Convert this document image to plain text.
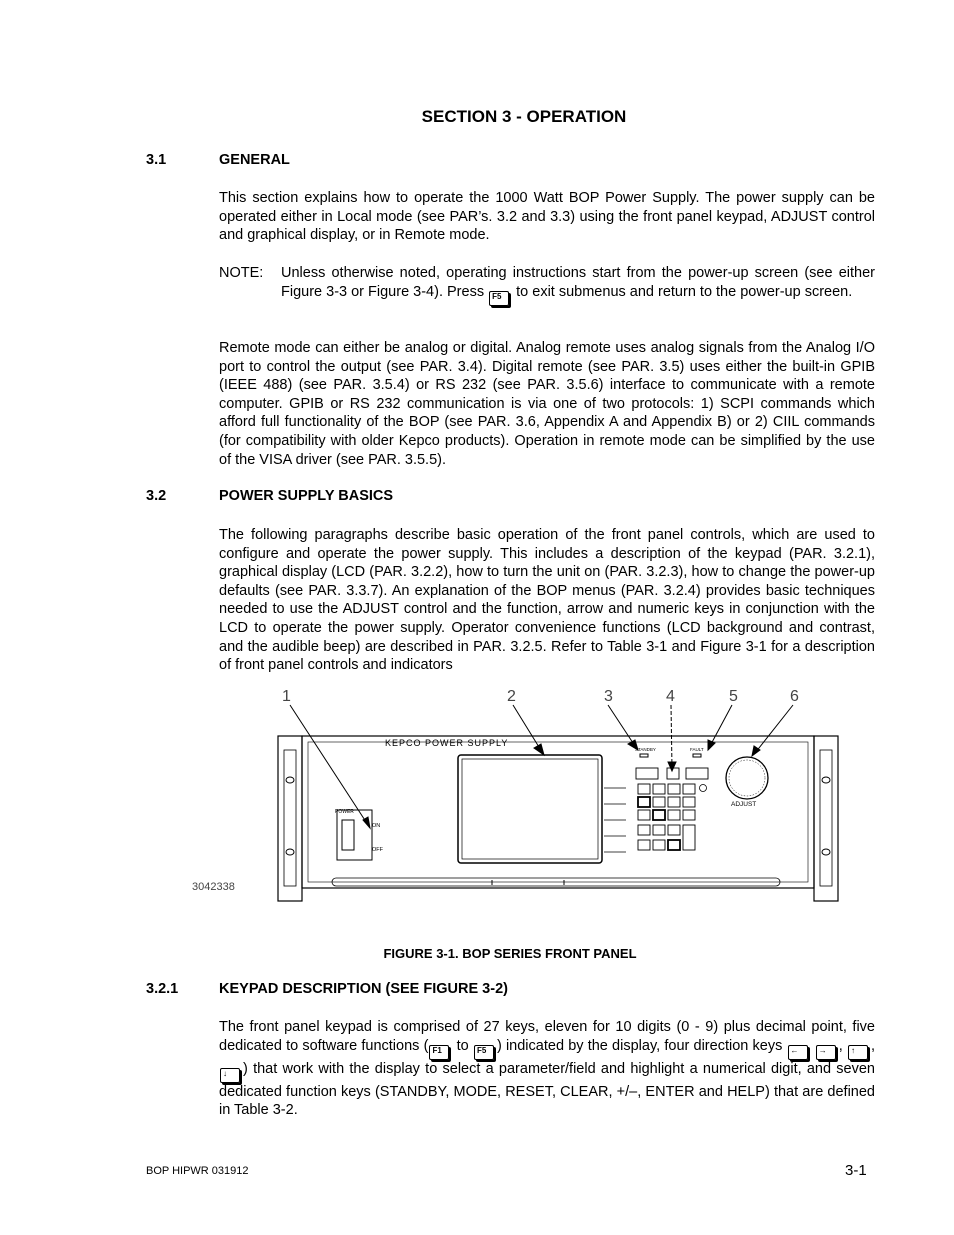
SECTION 3 - OPERATION
3.1	GENERAL
This section explains how to operate the 1000 Watt BOP Power Supply. The power supply can be operated either in Local mode (see PAR’s. 3.2 and 3.3) using the front panel keypad, ADJUST control and graphical display, or in Remote mode.
NOTE: Unless otherwise noted, operating instructions start from the power-up screen (see either Figure 3-3 or Figure 3-4). Press F5 to exit submenus and return to the power-up screen.
Remote mode can either be analog or digital. Analog remote uses analog signals from the Analog I/O port to control the output (see PAR. 3.4). Digital remote (see PAR. 3.5) uses either the built-in GPIB (IEEE 488) (see PAR. 3.5.4) or RS 232 (see PAR. 3.5.6) interface to communicate with a remote computer. GPIB or RS 232 communication is via one of two protocols: 1) SCPI commands which afford full functionality of the BOP (see PAR. 3.6, Appendix A and Appendix B) or 2) CIIL commands (for compatibility with older Kepco products). Operation in remote mode can be simplified by the use of the VISA driver (see PAR. 3.5.5).
3.2	POWER SUPPLY BASICS
The following paragraphs describe basic operation of the front panel controls, which are used to configure and operate the power supply. This includes a description of the keypad (PAR. 3.2.1), graphical display (LCD (PAR. 3.2.2), how to turn the unit on (PAR. 3.2.3), how to change the power-up defaults (see PAR. 3.3.7). An explanation of the BOP menus (PAR. 3.2.4) provides basic techniques needed to use the ADJUST control and the function, arrow and numeric keys in conjunction with the LCD to operate the power supply. Operator convenience functions (LCD background and contrast, and the audible beep) are described in PAR. 3.2.5. Refer to Table 3-1 and Figure 3-1 for a description of front panel controls and indicators
1	2	3	4	5	6
KEPCO POWER SUPPLY
POWER
ON
OFF
STANDBY	FAULT
ADJUST
3042338
FIGURE 3-1. BOP SERIES FRONT PANEL
3.2.1	KEYPAD DESCRIPTION (SEE FIGURE 3-2)
The front panel keypad is comprised of 27 keys, eleven for 10 digits (0 - 9) plus decimal point, five dedicated to software functions ( F1 to F5 ) indicated by the display, four direction keys ←	→ , ↑ , ↓ ) that work with the display to select a parameter/field and highlight a numerical digit, and seven dedicated function keys (STANDBY, MODE, RESET, CLEAR, +/–, ENTER and HELP) that are defined in Table 3-2.
BOP HIPWR 031912	3-1
